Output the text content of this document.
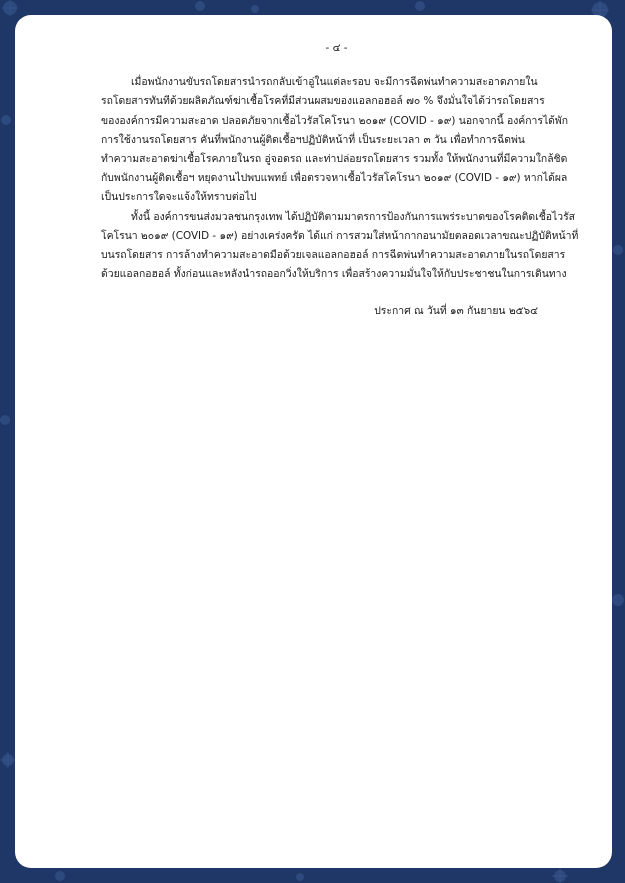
- ๔ -

เมื่อพนักงานขับรถโดยสารนำรถกลับเข้าอู่ในแต่ละรอบ จะมีการฉีดพ่นทำความสะอาดภายใน
รถโดยสารทันทีด้วยผลิตภัณฑ์ฆ่าเชื้อโรคที่มีส่วนผสมของแอลกอฮอล์ ๗๐ % จึงมั่นใจได้ว่ารถโดยสาร
ขององค์การมีความสะอาด ปลอดภัยจากเชื้อไวรัสโคโรนา ๒๐๑๙ (COVID - ๑๙) นอกจากนี้ องค์การได้พัก
การใช้งานรถโดยสาร คันที่พนักงานผู้ติดเชื้อฯปฏิบัติหน้าที่ เป็นระยะเวลา ๓ วัน เพื่อทำการฉีดพ่น
ทำความสะอาดฆ่าเชื้อโรคภายในรถ อู่จอดรถ และท่าปล่อยรถโดยสาร รวมทั้ง ให้พนักงานที่มีความใกล้ชิด
กับพนักงานผู้ติดเชื้อฯ หยุดงานไปพบแพทย์ เพื่อตรวจหาเชื้อไวรัสโคโรนา ๒๐๑๙ (COVID - ๑๙) หากได้ผล
เป็นประการใดจะแจ้งให้ทราบต่อไป

ทั้งนี้ องค์การขนส่งมวลชนกรุงเทพ ได้ปฏิบัติตามมาตรการป้องกันการแพร่ระบาดของโรคติดเชื้อไวรัส
โคโรนา ๒๐๑๙ (COVID - ๑๙) อย่างเคร่งครัด ได้แก่ การสวมใส่หน้ากากอนามัยตลอดเวลาขณะปฏิบัติหน้าที่
บนรถโดยสาร การล้างทำความสะอาดมือด้วยเจลแอลกอฮอล์ การฉีดพ่นทำความสะอาดภายในรถโดยสาร
ด้วยแอลกอฮอล์ ทั้งก่อนและหลังนำรถออกวิ่งให้บริการ เพื่อสร้างความมั่นใจให้กับประชาชนในการเดินทาง

ประกาศ ณ วันที่ ๑๓ กันยายน ๒๕๖๔
